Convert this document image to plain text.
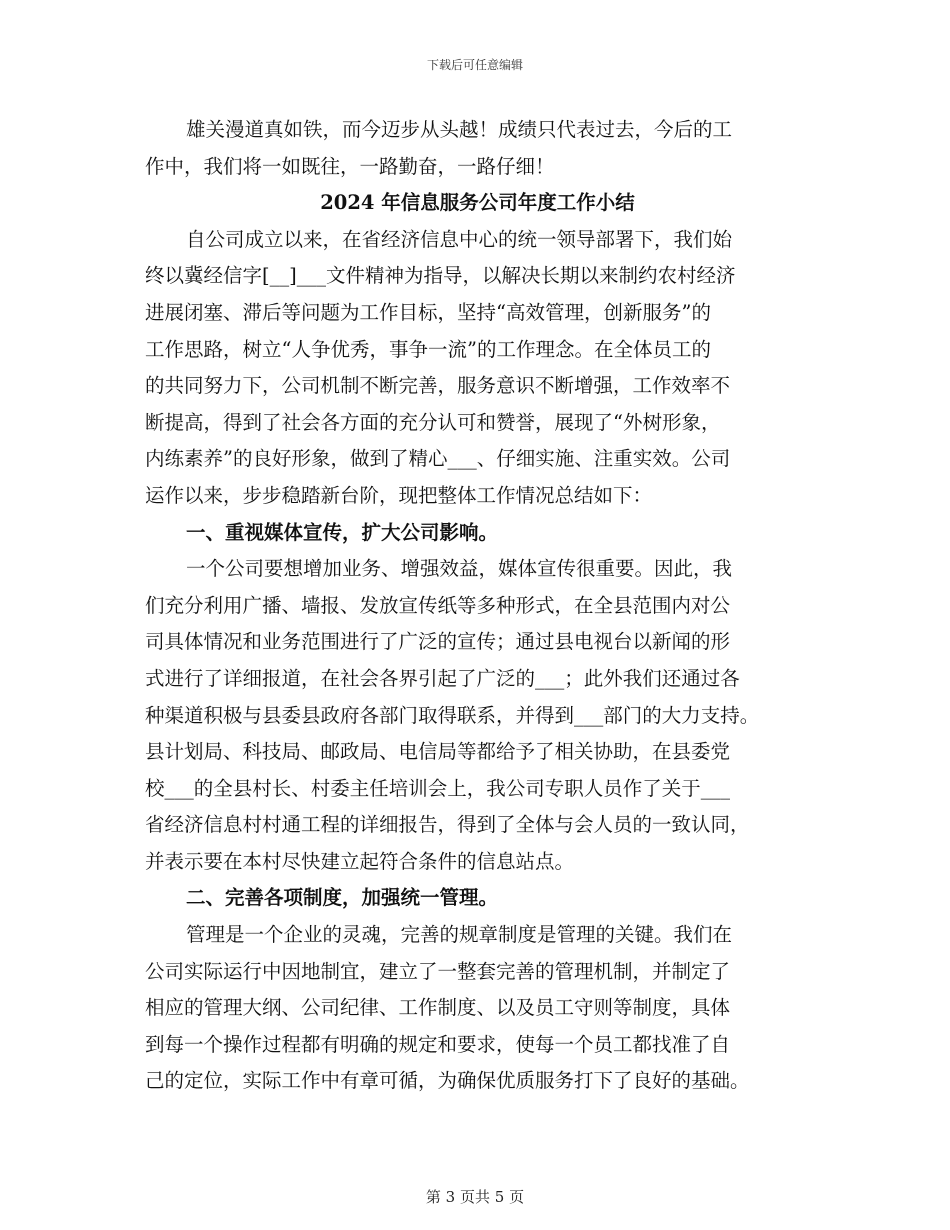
下载后可任意编辑
雄关漫道真如铁，而今迈步从头越！成绩只代表过去，今后的工
作中，我们将一如既往，一路勤奋，一路仔细！
2024 年信息服务公司年度工作小结
自公司成立以来，在省经济信息中心的统一领导部署下，我们始
终以冀经信字[__]___文件精神为指导，以解决长期以来制约农村经济
进展闭塞、滞后等问题为工作目标，坚持“高效管理，创新服务”的
工作思路，树立“人争优秀，事争一流”的工作理念。在全体员工的
的共同努力下，公司机制不断完善，服务意识不断增强，工作效率不
断提高，得到了社会各方面的充分认可和赞誉，展现了“外树形象，
内练素养”的良好形象，做到了精心___、仔细实施、注重实效。公司
运作以来，步步稳踏新台阶，现把整体工作情况总结如下：
一、重视媒体宣传，扩大公司影响。
一个公司要想增加业务、增强效益，媒体宣传很重要。因此，我
们充分利用广播、墙报、发放宣传纸等多种形式，在全县范围内对公
司具体情况和业务范围进行了广泛的宣传；通过县电视台以新闻的形
式进行了详细报道，在社会各界引起了广泛的___；此外我们还通过各
种渠道积极与县委县政府各部门取得联系，并得到___部门的大力支持。
县计划局、科技局、邮政局、电信局等都给予了相关协助，在县委党
校___的全县村长、村委主任培训会上，我公司专职人员作了关于___
省经济信息村村通工程的详细报告，得到了全体与会人员的一致认同，
并表示要在本村尽快建立起符合条件的信息站点。
二、完善各项制度，加强统一管理。
管理是一个企业的灵魂，完善的规章制度是管理的关键。我们在
公司实际运行中因地制宜，建立了一整套完善的管理机制，并制定了
相应的管理大纲、公司纪律、工作制度、以及员工守则等制度，具体
到每一个操作过程都有明确的规定和要求，使每一个员工都找准了自
己的定位，实际工作中有章可循，为确保优质服务打下了良好的基础。
第 3 页共 5 页
